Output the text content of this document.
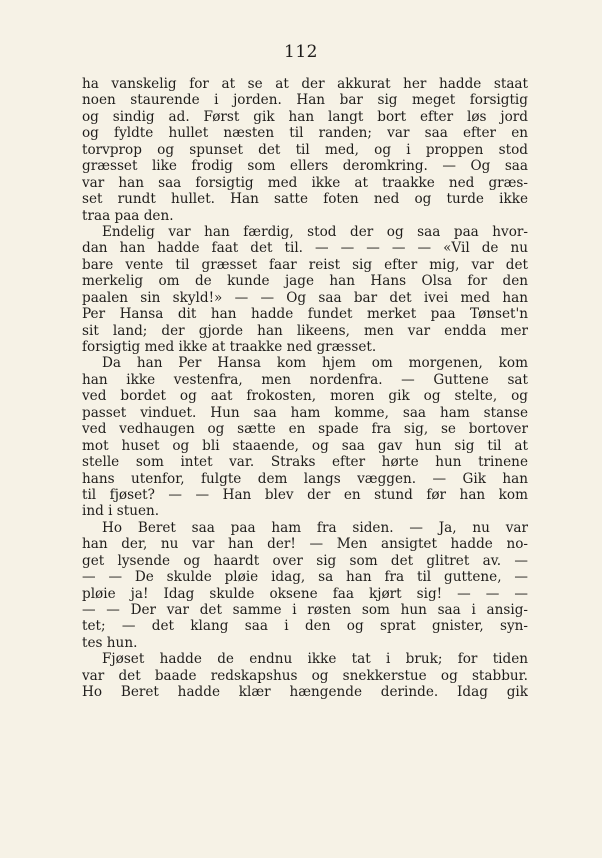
112
ha vanskelig for at se at der akkurat her hadde staat
noen staurende i jorden. Han bar sig meget forsigtig
og sindig ad. Først gik han langt bort efter løs jord
og fyldte hullet næsten til randen; var saa efter en
torvprop og spunset det til med, og i proppen stod
græsset like frodig som ellers deromkring. — Og saa
var han saa forsigtig med ikke at traakke ned græs-
set rundt hullet. Han satte foten ned og turde ikke
traa paa den.
Endelig var han færdig, stod der og saa paa hvor-
dan han hadde faat det til. — — — — — «Vil de nu
bare vente til græsset faar reist sig efter mig, var det
merkelig om de kunde jage han Hans Olsa for den
paalen sin skyld!» — — Og saa bar det ivei med han
Per Hansa dit han hadde fundet merket paa Tønset'n
sit land; der gjorde han likeens, men var endda mer
forsigtig med ikke at traakke ned græsset.
Da han Per Hansa kom hjem om morgenen, kom
han ikke vestenfra, men nordenfra. — Guttene sat
ved bordet og aat frokosten, moren gik og stelte, og
passet vinduet. Hun saa ham komme, saa ham stanse
ved vedhaugen og sætte en spade fra sig, se bortover
mot huset og bli staaende, og saa gav hun sig til at
stelle som intet var. Straks efter hørte hun trinene
hans utenfor, fulgte dem langs væggen. — Gik han
til fjøset? — — Han blev der en stund før han kom
ind i stuen.
Ho Beret saa paa ham fra siden. — Ja, nu var
han der, nu var han der! — Men ansigtet hadde no-
get lysende og haardt over sig som det glitret av. —
— — De skulde pløie idag, sa han fra til guttene, —
pløie ja! Idag skulde oksene faa kjørt sig! — — —
— — Der var det samme i røsten som hun saa i ansig-
tet; — det klang saa i den og sprat gnister, syn-
tes hun.
Fjøset hadde de endnu ikke tat i bruk; for tiden
var det baade redskapshus og snekkerstue og stabbur.
Ho Beret hadde klær hængende derinde. Idag gik
